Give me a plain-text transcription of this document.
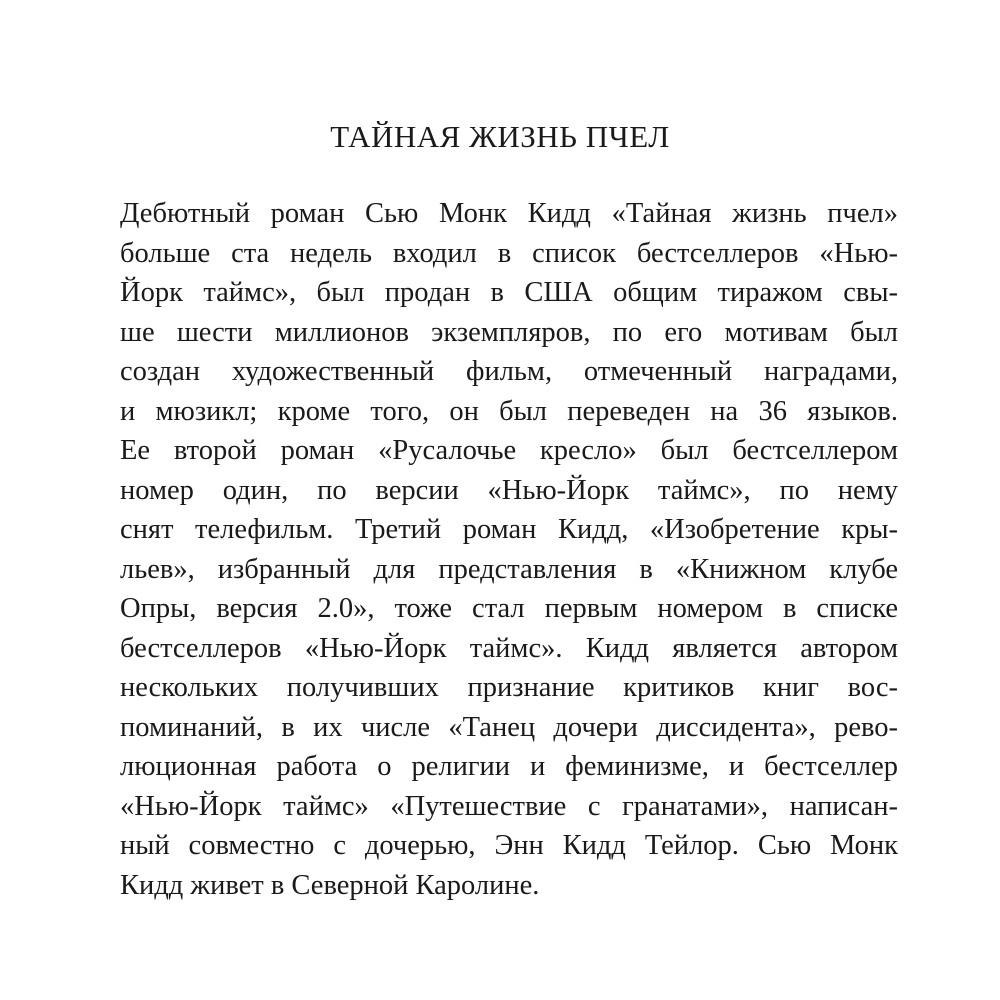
ТАЙНАЯ ЖИЗНЬ ПЧЕЛ
Дебютный роман Сью Монк Кидд «Тайная жизнь пчел»
больше ста недель входил в список бестселлеров «Нью-
Йорк таймс», был продан в США общим тиражом свы-
ше шести миллионов экземпляров, по его мотивам был
создан художественный фильм, отмеченный наградами,
и мюзикл; кроме того, он был переведен на 36 языков.
Ее второй роман «Русалочье кресло» был бестселлером
номер один, по версии «Нью-Йорк таймс», по нему
снят телефильм. Третий роман Кидд, «Изобретение кры-
льев», избранный для представления в «Книжном клубе
Опры, версия 2.0», тоже стал первым номером в списке
бестселлеров «Нью-Йорк таймс». Кидд является автором
нескольких получивших признание критиков книг вос-
поминаний, в их числе «Танец дочери диссидента», рево-
люционная работа о религии и феминизме, и бестселлер
«Нью-Йорк таймс» «Путешествие с гранатами», написан-
ный совместно с дочерью, Энн Кидд Тейлор. Сью Монк
Кидд живет в Северной Каролине.
